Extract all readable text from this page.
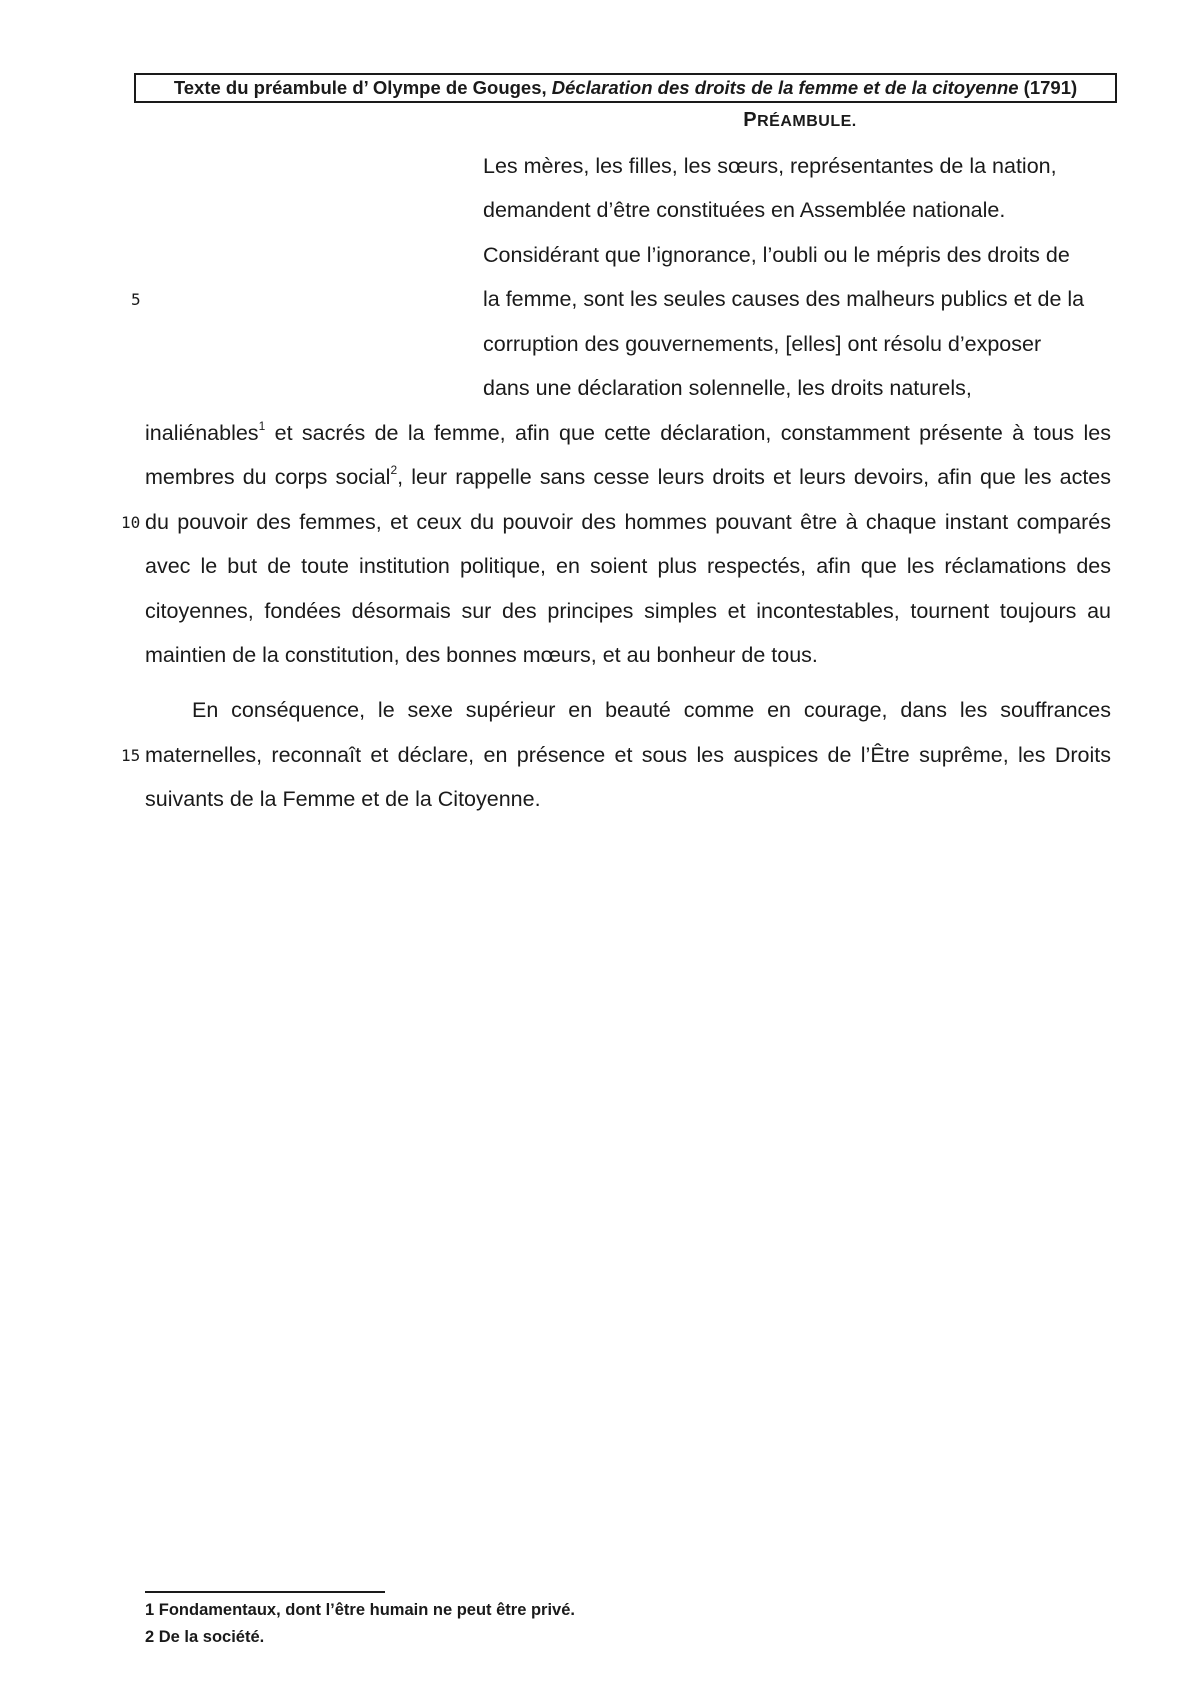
Texte du préambule d’ Olympe de Gouges, Déclaration des droits de la femme et de la citoyenne (1791)
PRÉAMBULE.
Les mères, les filles, les sœurs, représentantes de la nation,
demandent d’être constituées en Assemblée nationale.
Considérant que l’ignorance, l’oubli ou le mépris des droits de
la femme, sont les seules causes des malheurs publics et de la
corruption des gouvernements, [elles] ont résolu d’exposer
dans une déclaration solennelle, les droits naturels,
inaliénables$^1$ et sacrés de la femme, afin que cette déclaration, constamment présente à tous les
membres du corps social$^2$, leur rappelle sans cesse leurs droits et leurs devoirs, afin que les actes
du pouvoir des femmes, et ceux du pouvoir des hommes pouvant être à chaque instant comparés
avec le but de toute institution politique, en soient plus respectés, afin que les réclamations des
citoyennes, fondées désormais sur des principes simples et incontestables, tournent toujours au
maintien de la constitution, des bonnes mœurs, et au bonheur de tous.
En conséquence, le sexe supérieur en beauté comme en courage, dans les souffrances
maternelles, reconnaît et déclare, en présence et sous les auspices de l’Être suprême, les Droits
suivants de la Femme et de la Citoyenne.
5
10
15
1 Fondamentaux, dont l’être humain ne peut être privé.
2 De la société.
